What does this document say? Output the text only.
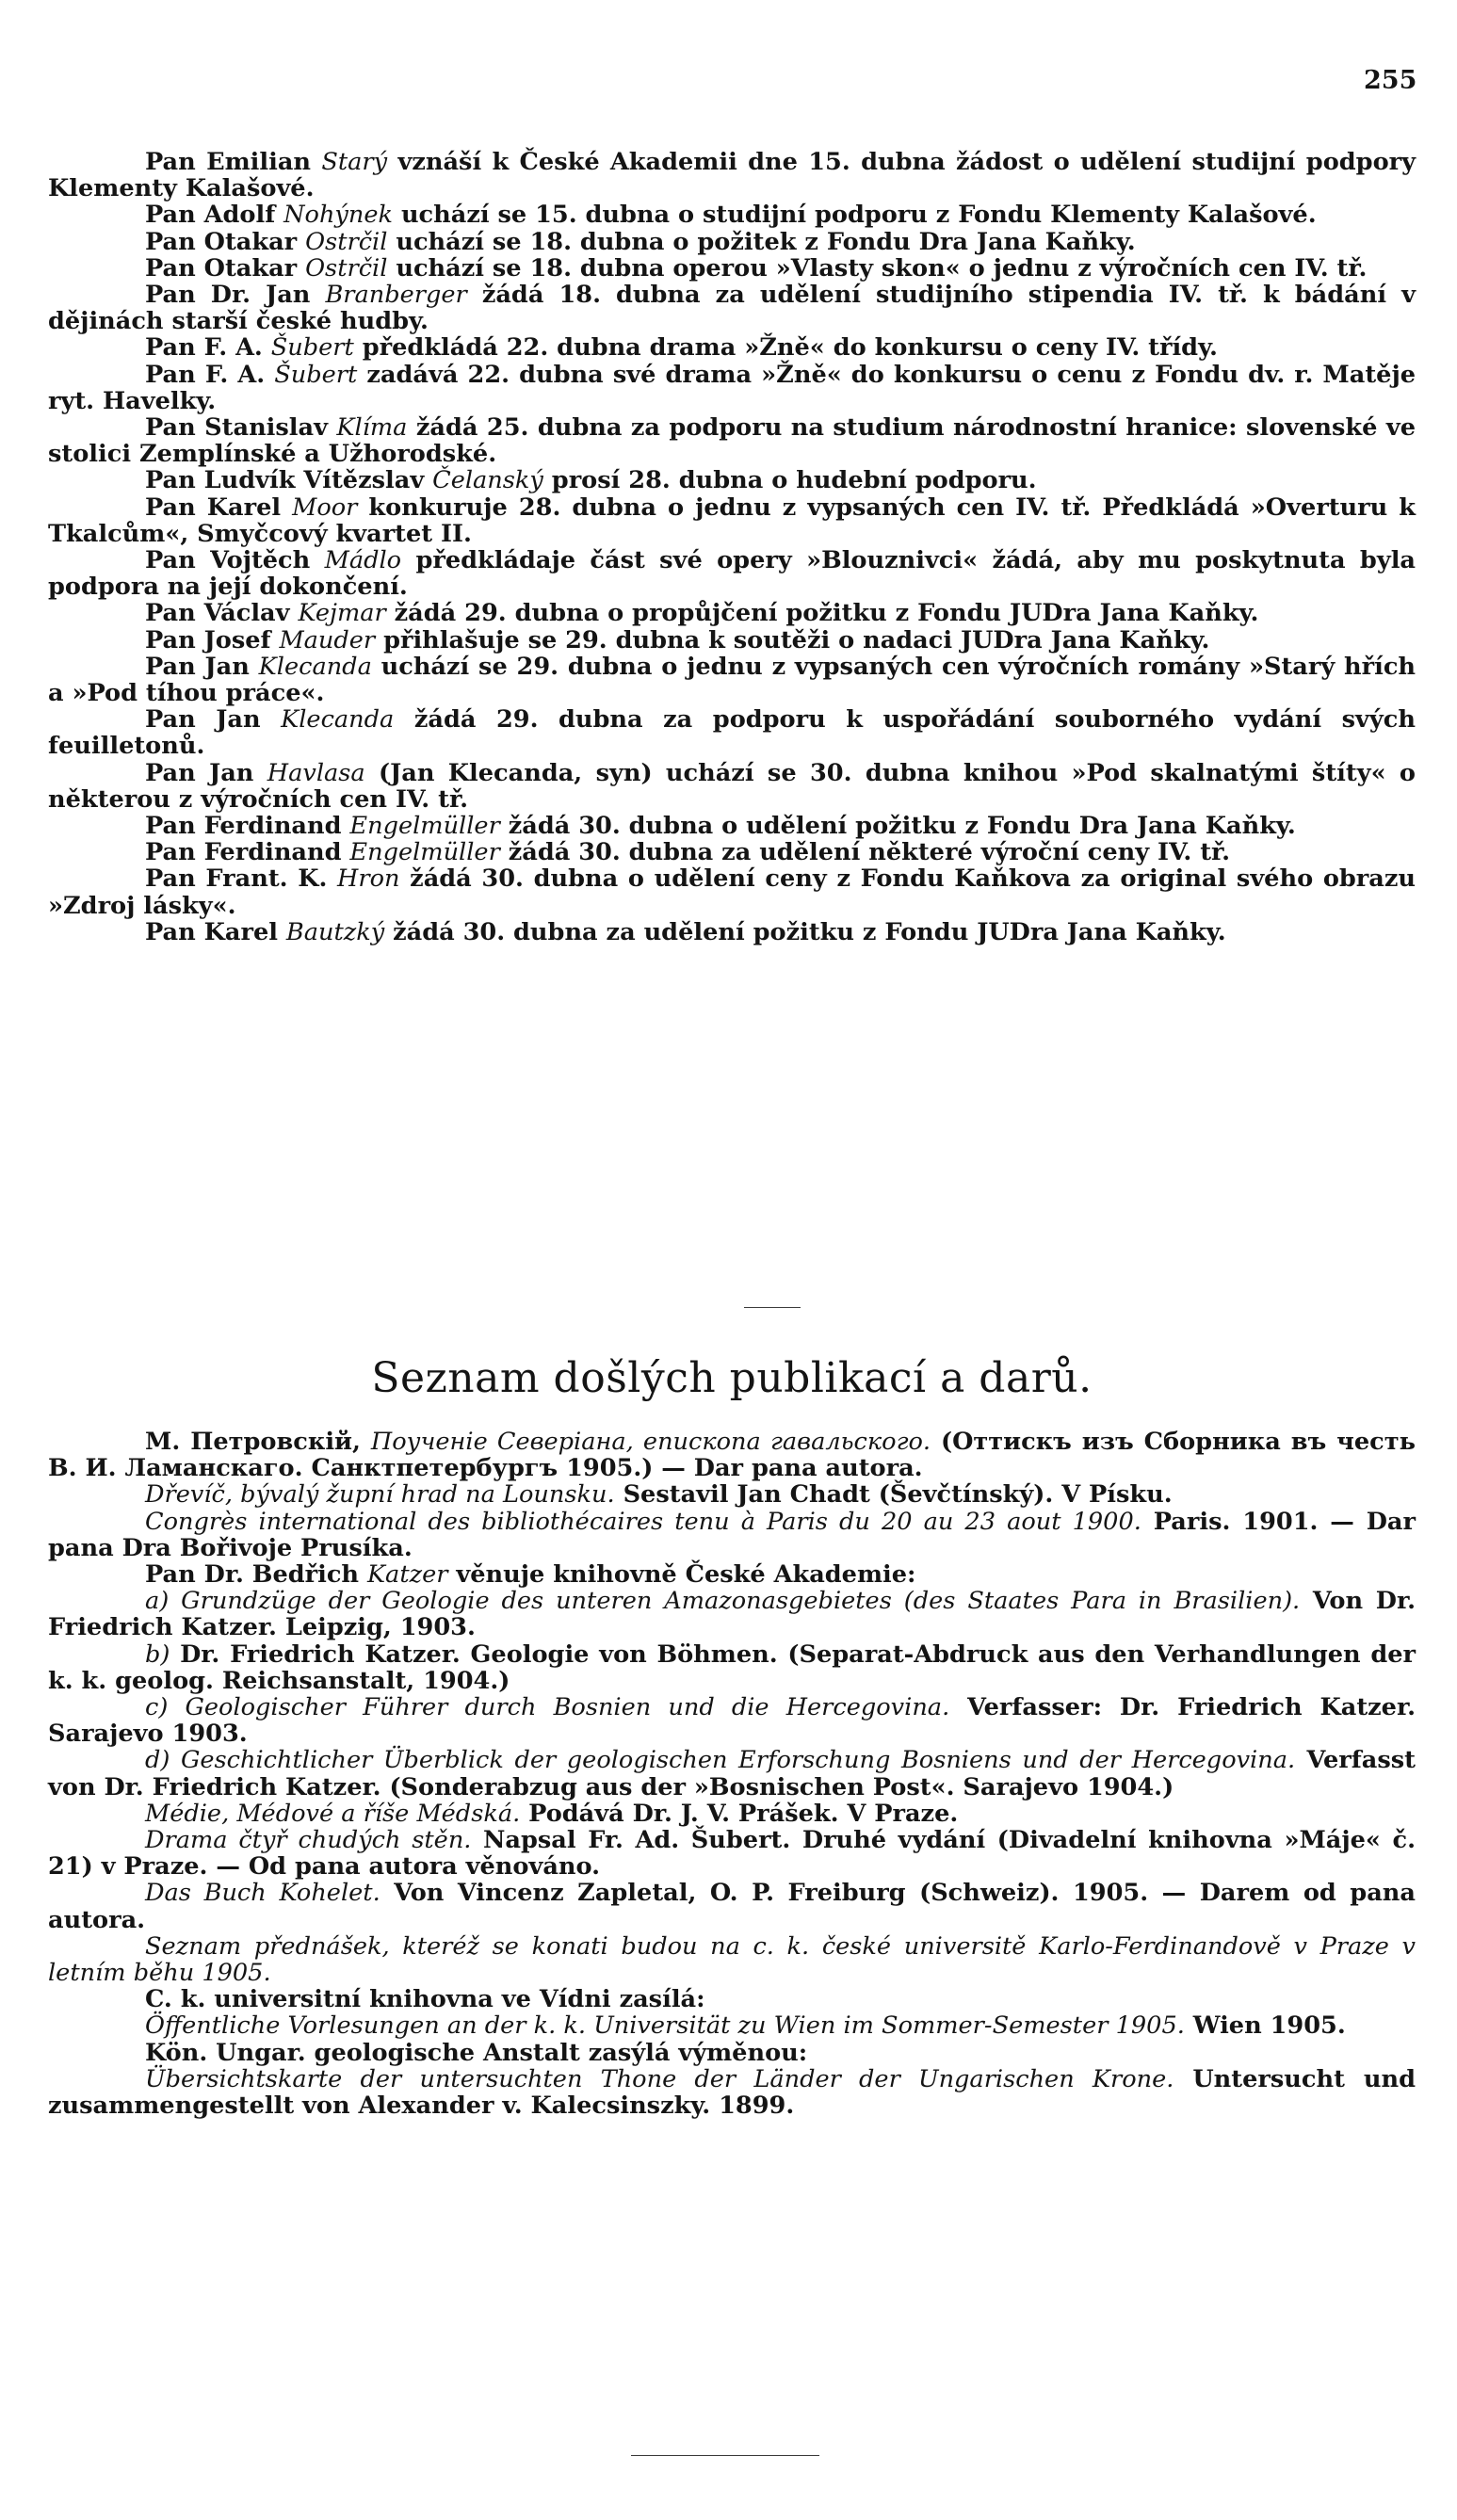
255

Pan Emilian Starý vznáší k České Akademii dne 15. dubna žádost o udělení studijní podpory Klementy Kalašové.

Pan Adolf Nohýnek uchází se 15. dubna o studijní podporu z Fondu Klementy Kalašové.

Pan Otakar Ostrčil uchází se 18. dubna o požitek z Fondu Dra Jana Kaňky.

Pan Otakar Ostrčil uchází se 18. dubna operou »Vlasty skon« o jednu z výročních cen IV. tř.

Pan Dr. Jan Branberger žádá 18. dubna za udělení studijního stipendia IV. tř. k bádání v dějinách starší české hudby.

Pan F. A. Šubert předkládá 22. dubna drama »Žně« do konkursu o ceny IV. třídy.

Pan F. A. Šubert zadává 22. dubna své drama »Žně« do konkursu o cenu z Fondu dv. r. Matěje ryt. Havelky.

Pan Stanislav Klíma žádá 25. dubna za podporu na studium národnostní hranice: slovenské ve stolici Zemplínské a Užhorodské.

Pan Ludvík Vítězslav Čelanský prosí 28. dubna o hudební podporu.

Pan Karel Moor konkuruje 28. dubna o jednu z vypsaných cen IV. tř. Předkládá »Overturu k Tkalcům«, Smyčcový kvartet II.

Pan Vojtěch Mádlo předkládaje část své opery »Blouznivci« žádá, aby mu poskytnuta byla podpora na její dokončení.

Pan Václav Kejmar žádá 29. dubna o propůjčení požitku z Fondu JUDra Jana Kaňky.

Pan Josef Mauder přihlašuje se 29. dubna k soutěži o nadaci JUDra Jana Kaňky.

Pan Jan Klecanda uchází se 29. dubna o jednu z vypsaných cen výročních romány »Starý hřích a »Pod tíhou práce«.

Pan Jan Klecanda žádá 29. dubna za podporu k uspořádání souborného vydání svých feuilletonů.

Pan Jan Havlasa (Jan Klecanda, syn) uchází se 30. dubna knihou »Pod skalnatými štíty« o některou z výročních cen IV. tř.

Pan Ferdinand Engelmüller žádá 30. dubna o udělení požitku z Fondu Dra Jana Kaňky.

Pan Ferdinand Engelmüller žádá 30. dubna za udělení některé výroční ceny IV. tř.

Pan Frant. K. Hron žádá 30. dubna o udělení ceny z Fondu Kaňkova za original svého obrazu »Zdroj lásky«.

Pan Karel Bautzký žádá 30. dubna za udělení požitku z Fondu JUDra Jana Kaňky.

Seznam došlých publikací a darů.

М. Петровскій, Поученіе Севеpіана, епископа гавальского. (Оттискъ изъ Сборника въ честь В. И. Ламанскаго. Санктпетербургъ 1905.) — Dar pana autora.

Dřevíč, bývalý župní hrad na Lounsku. Sestavil Jan Chadt (Ševčtínský). V Písku.

Congrès international des bibliothécaires tenu à Paris du 20 au 23 aout 1900. Paris. 1901. — Dar pana Dra Bořivoje Prusíka.

Pan Dr. Bedřich Katzer věnuje knihovně České Akademie:

a) Grundzüge der Geologie des unteren Amazonasgebietes (des Staates Para in Brasilien). Von Dr. Friedrich Katzer. Leipzig, 1903.

b) Dr. Friedrich Katzer. Geologie von Böhmen. (Separat-Abdruck aus den Verhandlungen der k. k. geolog. Reichsanstalt, 1904.)

c) Geologischer Führer durch Bosnien und die Hercegovina. Verfasser: Dr. Friedrich Katzer. Sarajevo 1903.

d) Geschichtlicher Überblick der geologischen Erforschung Bosniens und der Hercegovina. Verfasst von Dr. Friedrich Katzer. (Sonderabzug aus der »Bosnischen Post«. Sarajevo 1904.)

Médie, Médové a říše Médská. Podává Dr. J. V. Prášek. V Praze.

Drama čtyř chudých stěn. Napsal Fr. Ad. Šubert. Druhé vydání (Divadelní knihovna »Máje« č. 21) v Praze. — Od pana autora věnováno.

Das Buch Kohelet. Von Vincenz Zapletal, O. P. Freiburg (Schweiz). 1905. — Darem od pana autora.

Seznam přednášek, kteréž se konati budou na c. k. české universitě Karlo-Ferdinandově v Praze v letním běhu 1905.

C. k. universitní knihovna ve Vídni zasílá:

Öffentliche Vorlesungen an der k. k. Universität zu Wien im Sommer-Semester 1905. Wien 1905.

Kön. Ungar. geologische Anstalt zasýlá výměnou:

Übersichtskarte der untersuchten Thone der Länder der Ungarischen Krone. Untersucht und zusammengestellt von Alexander v. Kalecsinszky. 1899.
